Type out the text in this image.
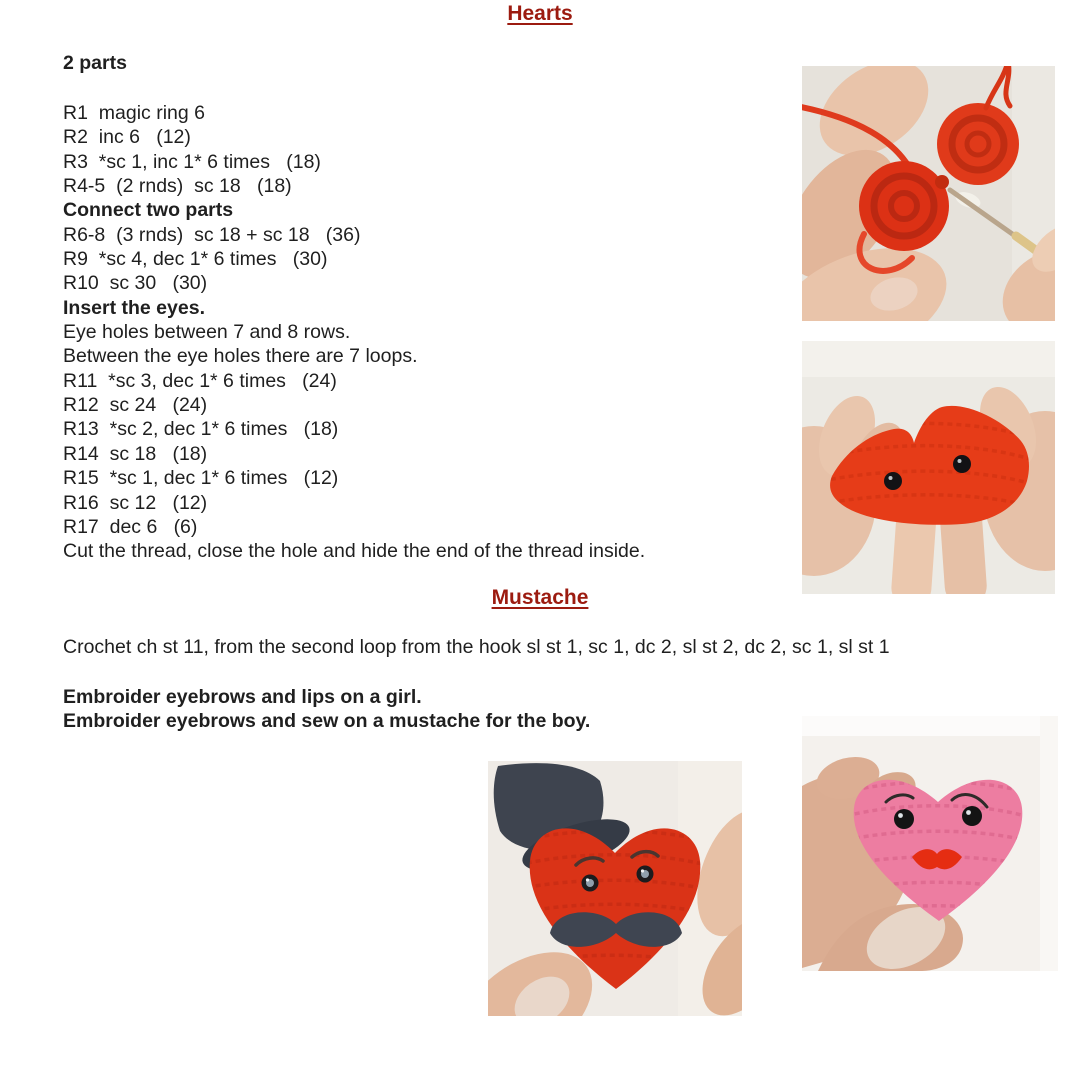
Hearts

2 parts

R1  magic ring 6
R2  inc 6   (12)
R3  *sc 1, inc 1* 6 times   (18)
R4-5  (2 rnds)  sc 18   (18)
Connect two parts
R6-8  (3 rnds)  sc 18 + sc 18   (36)
R9  *sc 4, dec 1* 6 times   (30)
R10  sc 30   (30)
Insert the eyes.
Eye holes between 7 and 8 rows.
Between the eye holes there are 7 loops.
R11  *sc 3, dec 1* 6 times   (24)
R12  sc 24   (24)
R13  *sc 2, dec 1* 6 times   (18)
R14  sc 18   (18)
R15  *sc 1, dec 1* 6 times   (12)
R16  sc 12   (12)
R17  dec 6   (6)
Cut the thread, close the hole and hide the end of the thread inside.
Mustache

Crochet ch st 11, from the second loop from the hook sl st 1, sc 1, dc 2, sl st 2, dc 2, sc 1, sl st 1

Embroider eyebrows and lips on a girl.
Embroider eyebrows and sew on a mustache for the boy.
